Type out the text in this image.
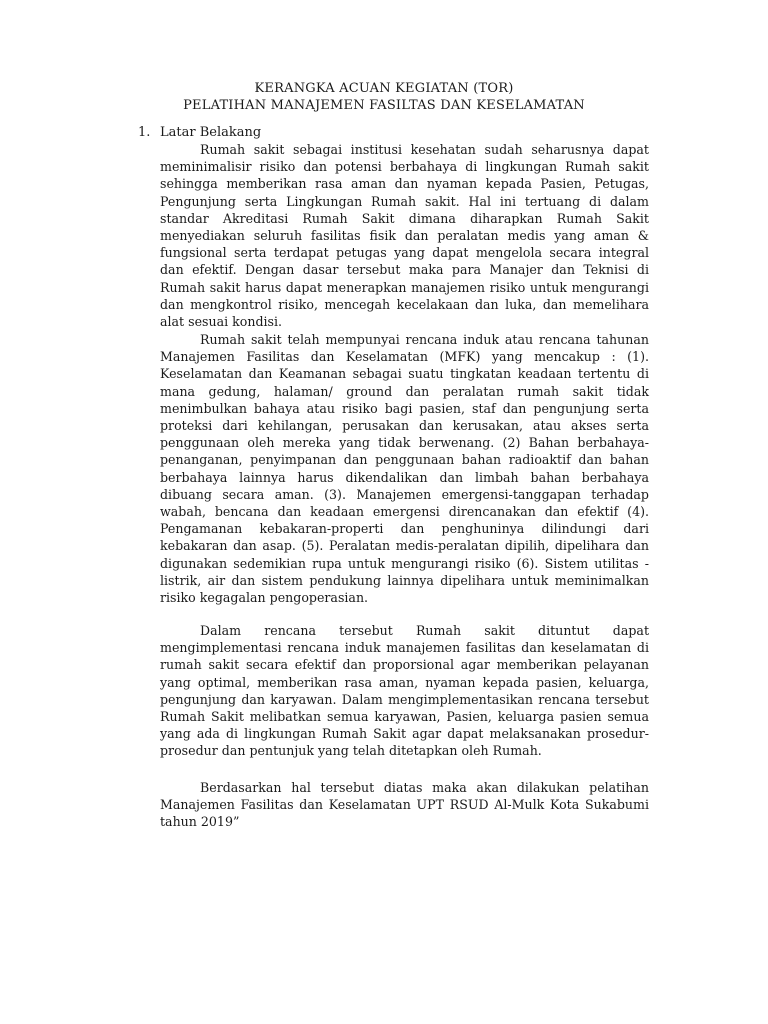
KERANGKA ACUAN KEGIATAN (TOR)
PELATIHAN MANAJEMEN FASILTAS DAN KESELAMATAN
1. Latar Belakang

Rumah sakit sebagai institusi kesehatan sudah seharusnya dapat meminimalisir risiko dan potensi berbahaya di lingkungan Rumah sakit sehingga memberikan rasa aman dan nyaman kepada Pasien, Petugas, Pengunjung serta Lingkungan Rumah sakit. Hal ini tertuang di dalam standar Akreditasi Rumah Sakit dimana diharapkan Rumah Sakit menyediakan seluruh fasilitas fisik dan peralatan medis yang aman & fungsional serta terdapat petugas yang dapat mengelola secara integral dan efektif. Dengan dasar tersebut maka para Manajer dan Teknisi di Rumah sakit harus dapat menerapkan manajemen risiko untuk mengurangi dan mengkontrol risiko, mencegah kecelakaan dan luka, dan memelihara alat sesuai kondisi.

Rumah sakit telah mempunyai rencana induk atau rencana tahunan Manajemen Fasilitas dan Keselamatan (MFK) yang mencakup : (1). Keselamatan dan Keamanan sebagai suatu tingkatan keadaan tertentu di mana gedung, halaman/ ground dan peralatan rumah sakit tidak menimbulkan bahaya atau risiko bagi pasien, staf dan pengunjung serta proteksi dari kehilangan, perusakan dan kerusakan, atau akses serta penggunaan oleh mereka yang tidak berwenang. (2) Bahan berbahaya-penanganan, penyimpanan dan penggunaan bahan radioaktif dan bahan berbahaya lainnya harus dikendalikan dan limbah bahan berbahaya dibuang secara aman. (3). Manajemen emergensi-tanggapan terhadap wabah, bencana dan keadaan emergensi direncanakan dan efektif (4). Pengamanan kebakaran-properti dan penghuninya dilindungi dari kebakaran dan asap. (5). Peralatan medis-peralatan dipilih, dipelihara dan digunakan sedemikian rupa untuk mengurangi risiko (6). Sistem utilitas - listrik, air dan sistem pendukung lainnya dipelihara untuk meminimalkan risiko kegagalan pengoperasian.

Dalam rencana tersebut Rumah sakit dituntut dapat mengimplementasi rencana induk manajemen fasilitas dan keselamatan di rumah sakit secara efektif dan proporsional agar memberikan pelayanan yang optimal, memberikan rasa aman, nyaman kepada pasien, keluarga, pengunjung dan karyawan. Dalam mengimplementasikan rencana tersebut Rumah Sakit melibatkan semua karyawan, Pasien, keluarga pasien semua yang ada di lingkungan Rumah Sakit agar dapat melaksanakan prosedur-prosedur dan pentunjuk yang telah ditetapkan oleh Rumah.

Berdasarkan hal tersebut diatas maka akan dilakukan pelatihan Manajemen Fasilitas dan Keselamatan UPT RSUD Al-Mulk Kota Sukabumi tahun 2019”
